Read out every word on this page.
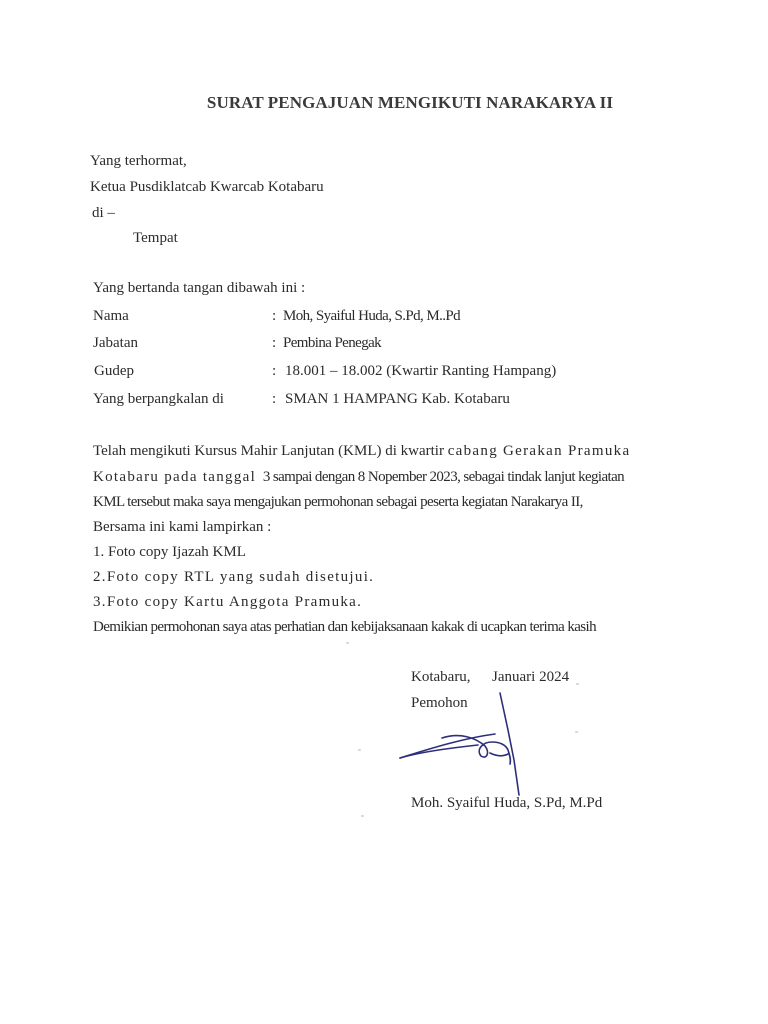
SURAT PENGAJUAN MENGIKUTI NARAKARYA II
Yang terhormat,
Ketua Pusdiklatcab Kwarcab Kotabaru
di –
Tempat
Yang bertanda tangan dibawah ini :
Nama	: Moh, Syaiful Huda, S.Pd, M..Pd
Jabatan	: Pembina Penegak
Gudep	: 18.001 – 18.002 (Kwartir Ranting Hampang)
Yang berpangkalan di	: SMAN 1 HAMPANG Kab. Kotabaru
Telah mengikuti Kursus Mahir Lanjutan (KML) di kwartir cabang Gerakan Pramuka
Kotabaru pada tanggal 3 sampai dengan 8 Nopember 2023, sebagai tindak lanjut kegiatan
KML tersebut maka saya mengajukan permohonan sebagai peserta kegiatan Narakarya II,
Bersama ini kami lampirkan :
1. Foto copy Ijazah KML
2.Foto copy RTL yang sudah disetujui.
3.Foto copy Kartu Anggota Pramuka.
Demikian permohonan saya atas perhatian dan kebijaksanaan kakak di ucapkan terima kasih
Kotabaru, Januari 2024
Pemohon
Moh. Syaiful Huda, S.Pd, M.Pd
